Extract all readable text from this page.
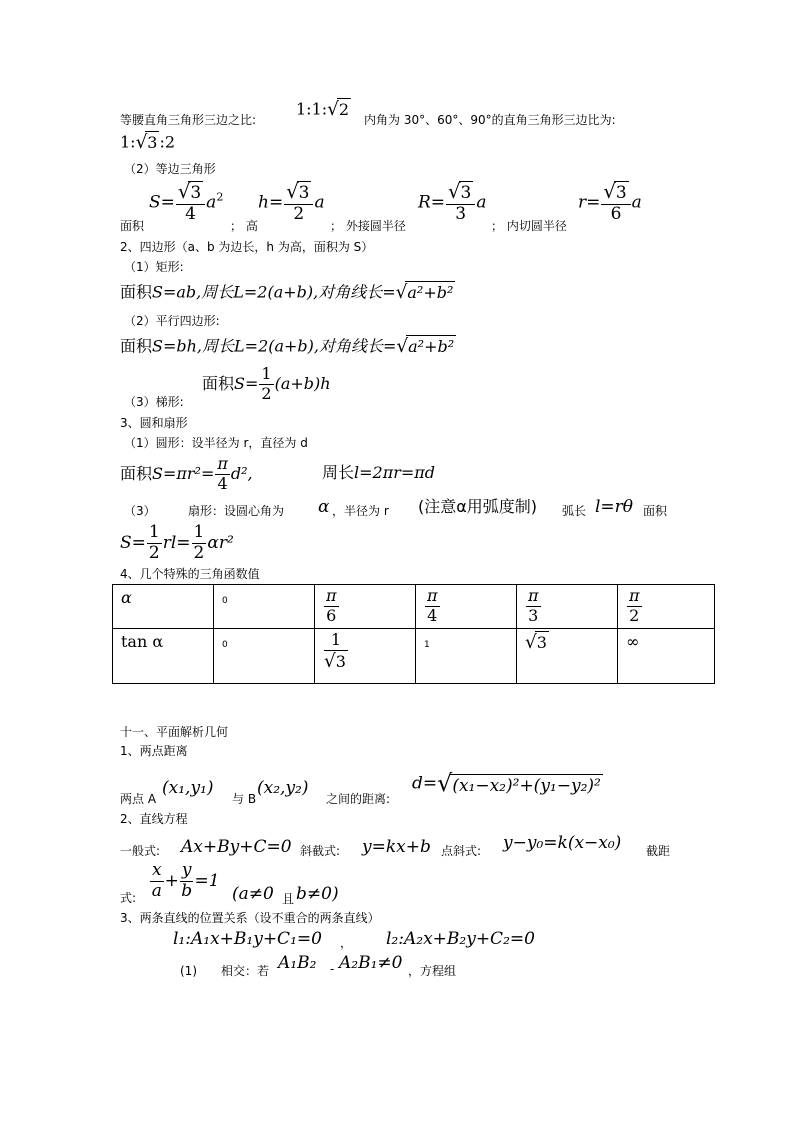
等腰直角三角形三边之比:
1:1:√2
内角为 30°、60°、90°的直角三角形三边比为:
1:√3 :2
（2）等边三角形
面积
$S= \frac{√3}{4} a^2$
； 高
$h= \frac{√3}{2}$ a
； 外接圆半径
$R= \frac{√3}{3}$ a
； 内切圆半径
$r= \frac{√3}{6}$ a
2、四边形（a、b 为边长，h 为高，面积为 S）
（1）矩形:
面积S=ab,周长L=2(a+b),对角线长=√a²+b²
（2）平行四边形:
面积S=bh,周长L=2(a+b),对角线长=√a²+b²
面积$S= \frac{1}{2} (a+b)h$
（3）梯形:
3、圆和扇形
（1）圆形：设半径为 r，直径为 d
面积$S=\pi r^2= \frac{\pi}{4} d^2$,	周长l=2πr=πd
（3）	扇形：设圆心角为 α ，半径为 r (注意α用弧度制) 弧长 l=rθ 面积
$S= \frac{1}{2} rl= \frac{1}{2} \alpha r^2$
4、几个特殊的三角函数值
α	0	$\frac{\pi}{6}$	$\frac{\pi}{4}$	$\frac{\pi}{3}$	$\frac{\pi}{2}$

tan α	0	$\frac{1}{√3}$	1	√3	∞
十一、平面解析几何
1、两点距离
两点 A
(x₁,y₁)
与 B
(x₂,y₂)
之间的距离:
d=√(x₁−x₂)²+(y₁−y₂)²
2、直线方程
一般式: Ax+By+C=0 斜截式: y=kx+b 点斜式: y−y₀=k(x−x₀) 截距
式: $\frac{x}{a} + \frac{y}{b} =1$
(a≠0 且 b≠0)
3、两条直线的位置关系（设不重合的两条直线）
l₁:A₁x+B₁y+C₁=0 ， l₂:A₂x+B₂y+C₂=0
(1) 相交：若 A₁B₂ - A₂B₁≠0 ，方程组
